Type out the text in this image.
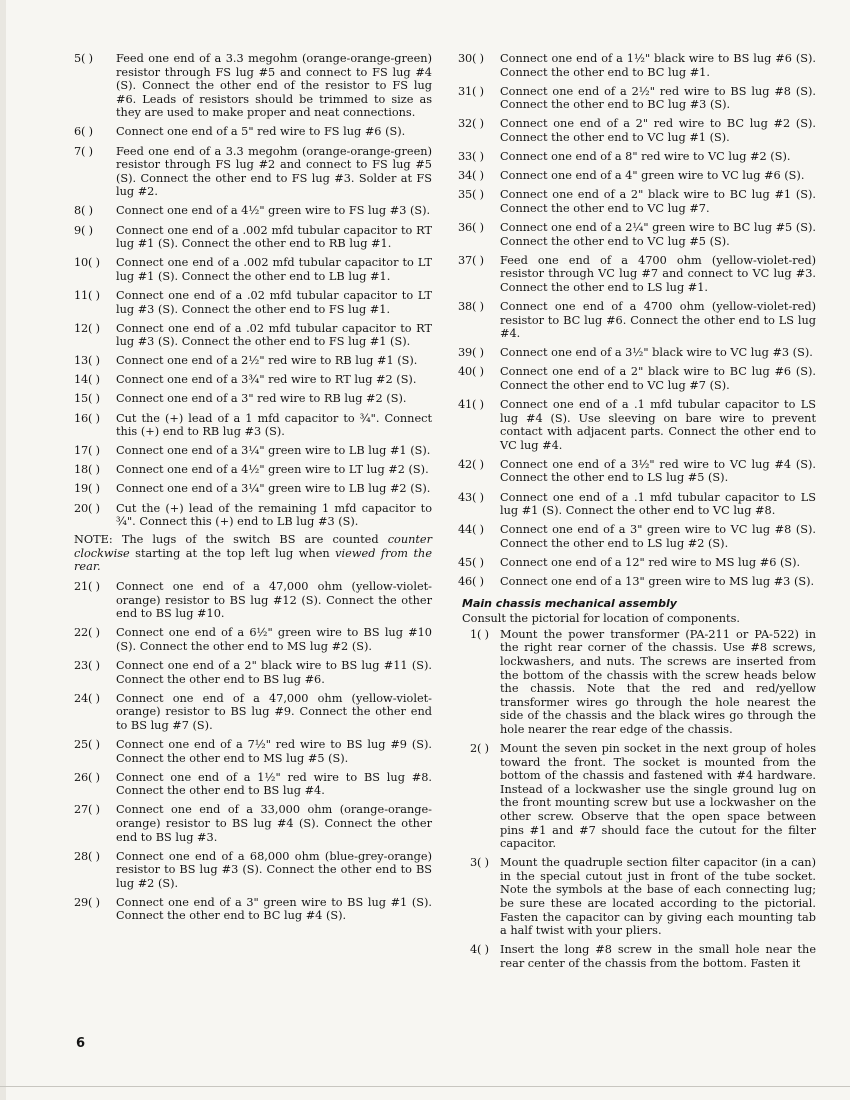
5( )	Feed one end of a 3.3 megohm (orange-orange-green) resistor through FS lug #5 and connect to FS lug #4 (S). Connect the other end of the resistor to FS lug #6. Leads of resistors should be trimmed to size as they are used to make proper and neat connections.
6( )	Connect one end of a 5" red wire to FS lug #6 (S).
7( )	Feed one end of a 3.3 megohm (orange-orange-green) resistor through FS lug #2 and connect to FS lug #5 (S). Connect the other end to FS lug #3. Solder at FS lug #2.
8( )	Connect one end of a 4½" green wire to FS lug #3 (S).
9( )	Connect one end of a .002 mfd tubular capacitor to RT lug #1 (S). Connect the other end to RB lug #1.
10( )	Connect one end of a .002 mfd tubular capacitor to LT lug #1 (S). Connect the other end to LB lug #1.
11( )	Connect one end of a .02 mfd tubular capacitor to LT lug #3 (S). Connect the other end to FS lug #1.
12( )	Connect one end of a .02 mfd tubular capacitor to RT lug #3 (S). Connect the other end to FS lug #1 (S).
13( )	Connect one end of a 2½" red wire to RB lug #1 (S).
14( )	Connect one end of a 3¾" red wire to RT lug #2 (S).
15( )	Connect one end of a 3" red wire to RB lug #2 (S).
16( )	Cut the (+) lead of a 1 mfd capacitor to ¾". Connect this (+) end to RB lug #3 (S).
17( )	Connect one end of a 3¼" green wire to LB lug #1 (S).
18( )	Connect one end of a 4½" green wire to LT lug #2 (S).
19( )	Connect one end of a 3¼" green wire to LB lug #2 (S).
20( )	Cut the (+) lead of the remaining 1 mfd capacitor to ¾". Connect this (+) end to LB lug #3 (S).
NOTE: The lugs of the switch BS are counted counter clockwise starting at the top left lug when viewed from the rear.
21( )	Connect one end of a 47,000 ohm (yellow-violet-orange) resistor to BS lug #12 (S). Connect the other end to BS lug #10.
22( )	Connect one end of a 6½" green wire to BS lug #10 (S). Connect the other end to MS lug #2 (S).
23( )	Connect one end of a 2" black wire to BS lug #11 (S). Connect the other end to BS lug #6.
24( )	Connect one end of a 47,000 ohm (yellow-violet-orange) resistor to BS lug #9. Connect the other end to BS lug #7 (S).
25( )	Connect one end of a 7½" red wire to BS lug #9 (S). Connect the other end to MS lug #5 (S).
26( )	Connect one end of a 1½" red wire to BS lug #8. Connect the other end to BS lug #4.
27( )	Connect one end of a 33,000 ohm (orange-orange-orange) resistor to BS lug #4 (S). Connect the other end to BS lug #3.
28( )	Connect one end of a 68,000 ohm (blue-grey-orange) resistor to BS lug #3 (S). Connect the other end to BS lug #2 (S).
29( )	Connect one end of a 3" green wire to BS lug #1 (S). Connect the other end to BC lug #4 (S).
30( )	Connect one end of a 1½" black wire to BS lug #6 (S). Connect the other end to BC lug #1.
31( )	Connect one end of a 2½" red wire to BS lug #8 (S). Connect the other end to BC lug #3 (S).
32( )	Connect one end of a 2" red wire to BC lug #2 (S). Connect the other end to VC lug #1 (S).
33( )	Connect one end of a 8" red wire to VC lug #2 (S).
34( )	Connect one end of a 4" green wire to VC lug #6 (S).
35( )	Connect one end of a 2" black wire to BC lug #1 (S). Connect the other end to VC lug #7.
36( )	Connect one end of a 2¼" green wire to BC lug #5 (S). Connect the other end to VC lug #5 (S).
37( )	Feed one end of a 4700 ohm (yellow-violet-red) resistor through VC lug #7 and connect to VC lug #3. Connect the other end to LS lug #1.
38( )	Connect one end of a 4700 ohm (yellow-violet-red) resistor to BC lug #6. Connect the other end to LS lug #4.
39( )	Connect one end of a 3½" black wire to VC lug #3 (S).
40( )	Connect one end of a 2" black wire to BC lug #6 (S). Connect the other end to VC lug #7 (S).
41( )	Connect one end of a .1 mfd tubular capacitor to LS lug #4 (S). Use sleeving on bare wire to prevent contact with adjacent parts. Connect the other end to VC lug #4.
42( )	Connect one end of a 3½" red wire to VC lug #4 (S). Connect the other end to LS lug #5 (S).
43( )	Connect one end of a .1 mfd tubular capacitor to LS lug #1 (S). Connect the other end to VC lug #8.
44( )	Connect one end of a 3" green wire to VC lug #8 (S). Connect the other end to LS lug #2 (S).
45( )	Connect one end of a 12" red wire to MS lug #6 (S).
46( )	Connect one end of a 13" green wire to MS lug #3 (S).
Main chassis mechanical assembly
Consult the pictorial for location of components.
1( ) Mount the power transformer (PA-211 or PA-522) in the right rear corner of the chassis. Use #8 screws, lockwashers, and nuts. The screws are inserted from the bottom of the chassis with the screw heads below the chassis. Note that the red and red/yellow transformer wires go through the hole nearest the side of the chassis and the black wires go through the hole nearer the rear edge of the chassis.
2( ) Mount the seven pin socket in the next group of holes toward the front. The socket is mounted from the bottom of the chassis and fastened with #4 hardware. Instead of a lockwasher use the single ground lug on the front mounting screw but use a lockwasher on the other screw. Observe that the open space between pins #1 and #7 should face the cutout for the filter capacitor.
3( ) Mount the quadruple section filter capacitor (in a can) in the special cutout just in front of the tube socket. Note the symbols at the base of each connecting lug; be sure these are located according to the pictorial. Fasten the capacitor can by giving each mounting tab a half twist with your pliers.
4( ) Insert the long #8 screw in the small hole near the rear center of the chassis from the bottom. Fasten it
6
